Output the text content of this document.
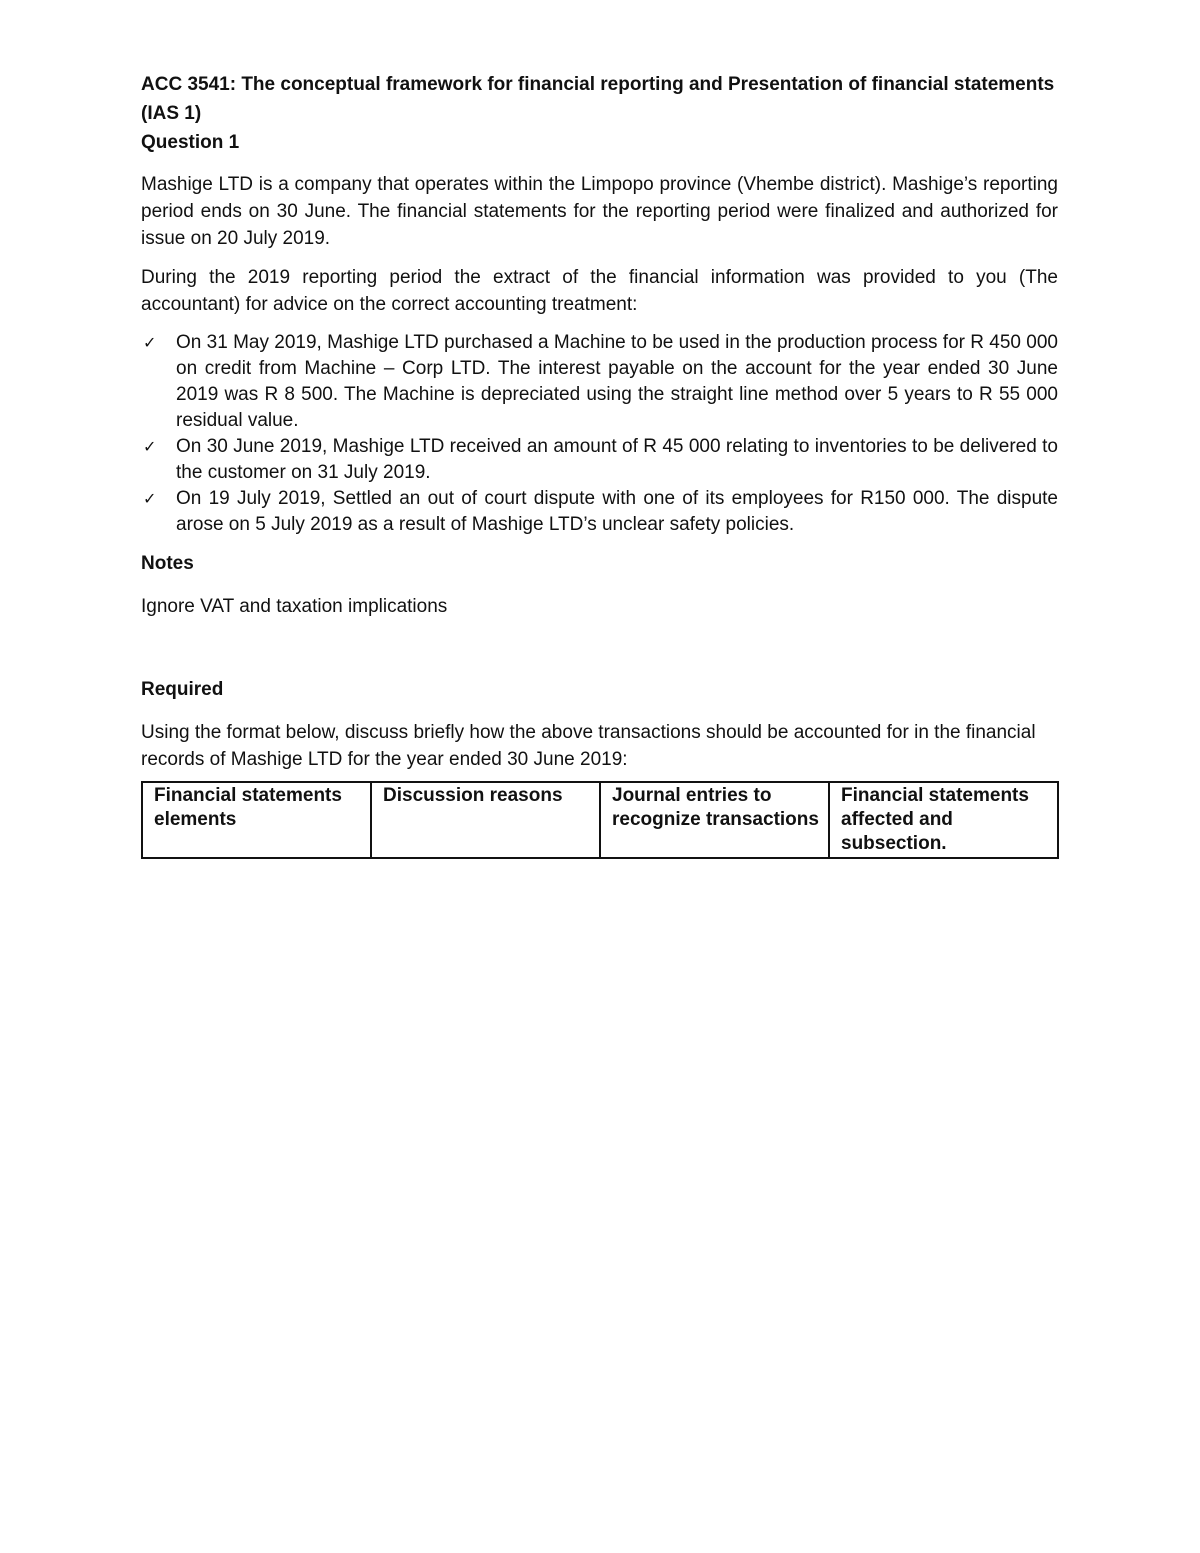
ACC 3541: The conceptual framework for financial reporting and Presentation of financial statements (IAS 1)

Question 1

Mashige LTD is a company that operates within the Limpopo province (Vhembe district). Mashige’s reporting period ends on 30 June. The financial statements for the reporting period were finalized and authorized for issue on 20 July 2019.

During the 2019 reporting period the extract of the financial information was provided to you (The accountant) for advice on the correct accounting treatment:

✓ On 31 May 2019, Mashige LTD purchased a Machine to be used in the production process for R 450 000 on credit from Machine – Corp LTD. The interest payable on the account for the year ended 30 June 2019 was R 8 500. The Machine is depreciated using the straight line method over 5 years to R 55 000 residual value.
✓ On 30 June 2019, Mashige LTD received an amount of R 45 000 relating to inventories to be delivered to the customer on 31 July 2019.
✓ On 19 July 2019, Settled an out of court dispute with one of its employees for R150 000. The dispute arose on 5 July 2019 as a result of Mashige LTD’s unclear safety policies.

Notes

Ignore VAT and taxation implications

Required

Using the format below, discuss briefly how the above transactions should be accounted for in the financial records of Mashige LTD for the year ended 30 June 2019:

Financial statements elements	Discussion reasons	Journal entries to recognize transactions	Financial statements affected and subsection.
